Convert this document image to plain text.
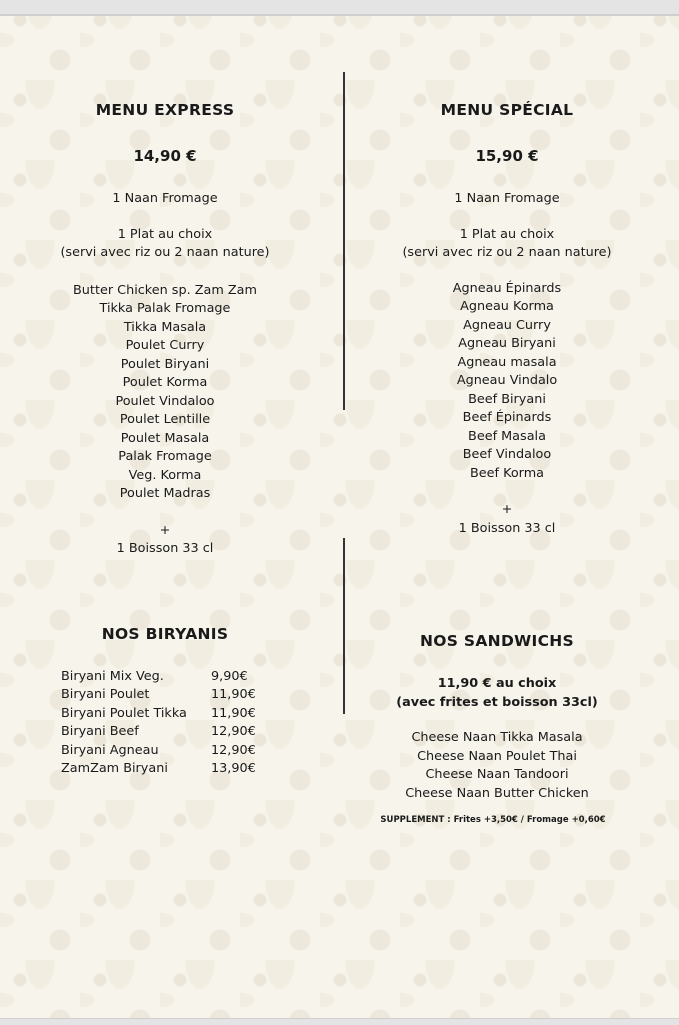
MENU EXPRESS
14,90 €
1 Naan Fromage
1 Plat au choix
(servi avec riz ou 2 naan nature)
Butter Chicken sp. Zam Zam
Tikka Palak Fromage
Tikka Masala
Poulet Curry
Poulet Biryani
Poulet Korma
Poulet Vindaloo
Poulet Lentille
Poulet Masala
Palak Fromage
Veg. Korma
Poulet Madras
+
1 Boisson 33 cl
MENU SPÉCIAL
15,90 €
1 Naan Fromage
1 Plat au choix
(servi avec riz ou 2 naan nature)
Agneau Épinards
Agneau Korma
Agneau Curry
Agneau Biryani
Agneau masala
Agneau Vindalo
Beef Biryani
Beef Épinards
Beef Masala
Beef Vindaloo
Beef Korma
+
1 Boisson 33 cl
NOS BIRYANIS
Biryani Mix Veg.	9,90€
Biryani Poulet	11,90€
Biryani Poulet Tikka	11,90€
Biryani Beef	12,90€
Biryani Agneau	12,90€
ZamZam Biryani	13,90€
NOS SANDWICHS
11,90 € au choix
(avec frites et boisson 33cl)
Cheese Naan Tikka Masala
Cheese Naan Poulet Thai
Cheese Naan Tandoori
Cheese Naan Butter Chicken
SUPPLEMENT : Frites +3,50€ / Fromage +0,60€
